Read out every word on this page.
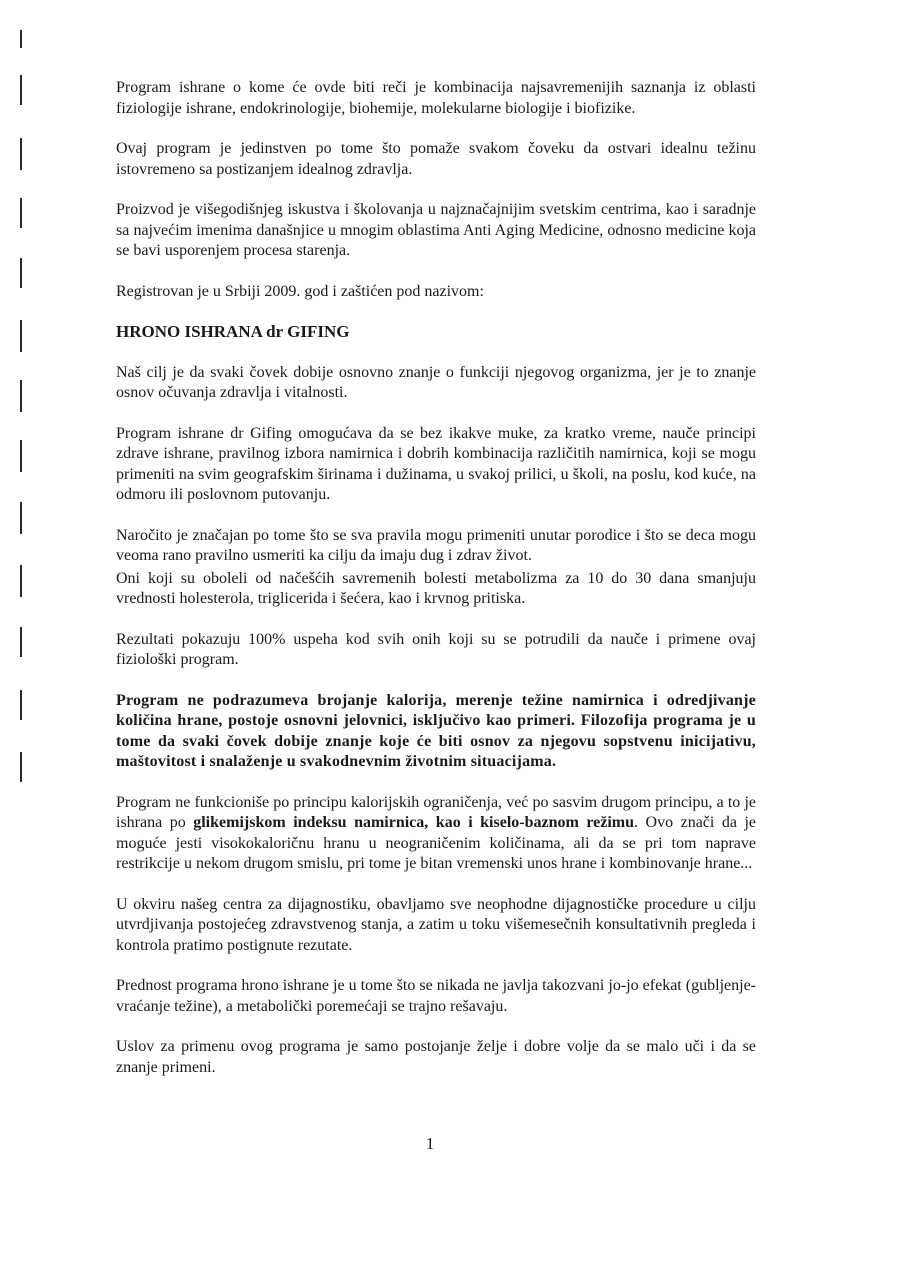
Program ishrane o kome će ovde biti reči je kombinacija najsavremenijih saznanja iz oblasti fiziologije ishrane, endokrinologije, biohemije, molekularne biologije i biofizike.

Ovaj program je jedinstven po tome što pomaže svakom čoveku da ostvari idealnu težinu istovremeno sa postizanjem idealnog zdravlja.

Proizvod je višegodišnjeg iskustva i školovanja u najznačajnijim svetskim centrima, kao i saradnje sa najvećim imenima današnjice u mnogim oblastima Anti Aging Medicine, odnosno medicine koja se bavi usporenjem procesa starenja.

Registrovan je u Srbiji 2009. god i zaštićen pod nazivom:

HRONO ISHRANA dr GIFING

Naš cilj je da svaki čovek dobije osnovno znanje o funkciji njegovog organizma, jer je to znanje osnov očuvanja zdravlja i vitalnosti.

Program ishrane dr Gifing omogućava da se bez ikakve muke, za kratko vreme, nauče principi zdrave ishrane, pravilnog izbora namirnica i dobrih kombinacija različitih namirnica, koji se mogu primeniti na svim geografskim širinama i dužinama, u svakoj prilici, u školi, na poslu, kod kuće, na odmoru ili poslovnom putovanju.

Naročito je značajan po tome što se sva pravila mogu primeniti unutar porodice i što se deca mogu veoma rano pravilno usmeriti ka cilju da imaju dug i zdrav život.

Oni koji su oboleli od načešćih savremenih bolesti metabolizma za 10 do 30 dana smanjuju vrednosti holesterola, triglicerida i šećera, kao i krvnog pritiska.

Rezultati pokazuju 100% uspeha kod svih onih koji su se potrudili da nauče i primene ovaj fiziološki program.

Program ne podrazumeva brojanje kalorija, merenje težine namirnica i odredjivanje količina hrane, postoje osnovni jelovnici, isključivo kao primeri. Filozofija programa je u tome da svaki čovek dobije znanje koje će biti osnov za njegovu sopstvenu inicijativu, maštovitost i snalaženje u svakodnevnim životnim situacijama.

Program ne funkcioniše po principu kalorijskih ograničenja, već po sasvim drugom principu, a to je ishrana po glikemijskom indeksu namirnica, kao i kiselo-baznom režimu. Ovo znači da je moguće jesti visokokaloričnu hranu u neograničenim količinama, ali da se pri tom naprave restrikcije u nekom drugom smislu, pri tome je bitan vremenski unos hrane i kombinovanje hrane...

U okviru našeg centra za dijagnostiku, obavljamo sve neophodne dijagnostičke procedure u cilju utvrdjivanja postojećeg zdravstvenog stanja, a zatim u toku višemesečnih konsultativnih pregleda i kontrola pratimo postignute rezutate.

Prednost programa hrono ishrane je u tome što se nikada ne javlja takozvani jo-jo efekat (gubljenje-vraćanje težine), a metabolički poremećaji se trajno rešavaju.

Uslov za primenu ovog programa je samo postojanje želje i dobre volje da se malo uči i da se znanje primeni.

1
